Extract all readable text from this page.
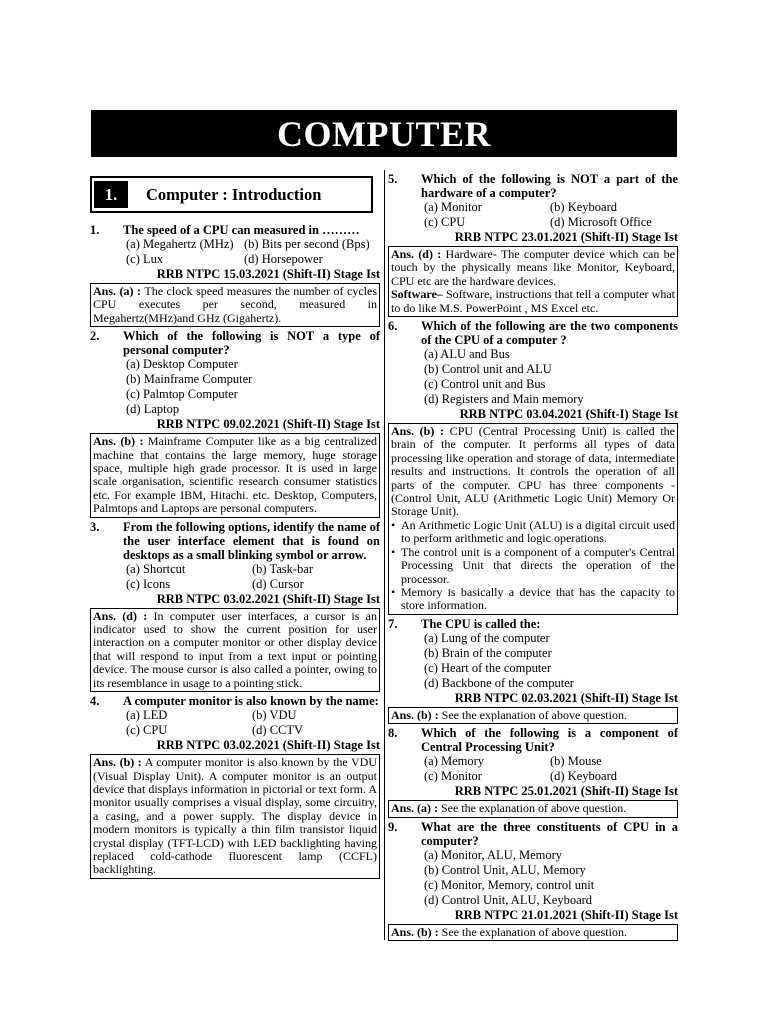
COMPUTER
1.	Computer : Introduction
1.	The speed of a CPU can measured in ………
(a) Megahertz (MHz) (b) Bits per second (Bps)
(c) Lux	(d) Horsepower
RRB NTPC 15.03.2021 (Shift-II) Stage Ist
Ans. (a) : The clock speed measures the number of cycles CPU executes per second, measured in Megahertz(MHz)and GHz (Gigahertz).
2.	Which of the following is NOT a type of personal computer?
(a) Desktop Computer
(b) Mainframe Computer
(c) Palmtop Computer
(d) Laptop
RRB NTPC 09.02.2021 (Shift-II) Stage Ist
Ans. (b) : Mainframe Computer like as a big centralized machine that contains the large memory, huge storage space, multiple high grade processor. It is used in large scale organisation, scientific research consumer statistics etc. For example IBM, Hitachi. etc. Desktop, Computers, Palmtops and Laptops are personal computers.
3.	From the following options, identify the name of the user interface element that is found on desktops as a small blinking symbol or arrow.
(a) Shortcut	(b) Task-bar
(c) Icons	(d) Cursor
RRB NTPC 03.02.2021 (Shift-II) Stage Ist
Ans. (d) : In computer user interfaces, a cursor is an indicator used to show the current position for user interaction on a computer monitor or other display device that will respond to input from a text input or pointing device. The mouse cursor is also called a pointer, owing to its resemblance in usage to a pointing stick.
4.	A computer monitor is also known by the name:
(a) LED	(b) VDU
(c) CPU	(d) CCTV
RRB NTPC 03.02.2021 (Shift-II) Stage Ist
Ans. (b) : A computer monitor is also known by the VDU (Visual Display Unit). A computer monitor is an output device that displays information in pictorial or text form. A monitor usually comprises a visual display, some circuitry, a casing, and a power supply. The display device in modern monitors is typically a thin film transistor liquid crystal display (TFT-LCD) with LED backlighting having replaced cold-cathode fluorescent lamp (CCFL) backlighting.
5.	Which of the following is NOT a part of the hardware of a computer?
(a) Monitor	(b) Keyboard
(c) CPU	(d) Microsoft Office
RRB NTPC 23.01.2021 (Shift-II) Stage Ist
Ans. (d) : Hardware- The computer device which can be touch by the physically means like Monitor, Keyboard, CPU etc are the hardware devices.
Software– Software, instructions that tell a computer what to do like M.S. PowerPoint , MS Excel etc.
6.	Which of the following are the two components of the CPU of a computer ?
(a) ALU and Bus
(b) Control unit and ALU
(c) Control unit and Bus
(d) Registers and Main memory
RRB NTPC 03.04.2021 (Shift-I) Stage Ist
Ans. (b) : CPU (Central Processing Unit) is called the brain of the computer. It performs all types of data processing like operation and storage of data, intermediate results and instructions. It controls the operation of all parts of the computer. CPU has three components - (Control Unit, ALU (Arithmetic Logic Unit) Memory Or Storage Unit).
• An Arithmetic Logic Unit (ALU) is a digital circuit used to perform arithmetic and logic operations.
• The control unit is a component of a computer's Central Processing Unit that directs the operation of the processor.
• Memory is basically a device that has the capacity to store information.
7.	The CPU is called the:
(a) Lung of the computer
(b) Brain of the computer
(c) Heart of the computer
(d) Backbone of the computer
RRB NTPC 02.03.2021 (Shift-II) Stage Ist
Ans. (b) : See the explanation of above question.
8.	Which of the following is a component of Central Processing Unit?
(a) Memory	(b) Mouse
(c) Monitor	(d) Keyboard
RRB NTPC 25.01.2021 (Shift-II) Stage Ist
Ans. (a) : See the explanation of above question.
9.	What are the three constituents of CPU in a computer?
(a) Monitor, ALU, Memory
(b) Control Unit, ALU, Memory
(c) Monitor, Memory, control unit
(d) Control Unit, ALU, Keyboard
RRB NTPC 21.01.2021 (Shift-II) Stage Ist
Ans. (b) : See the explanation of above question.
